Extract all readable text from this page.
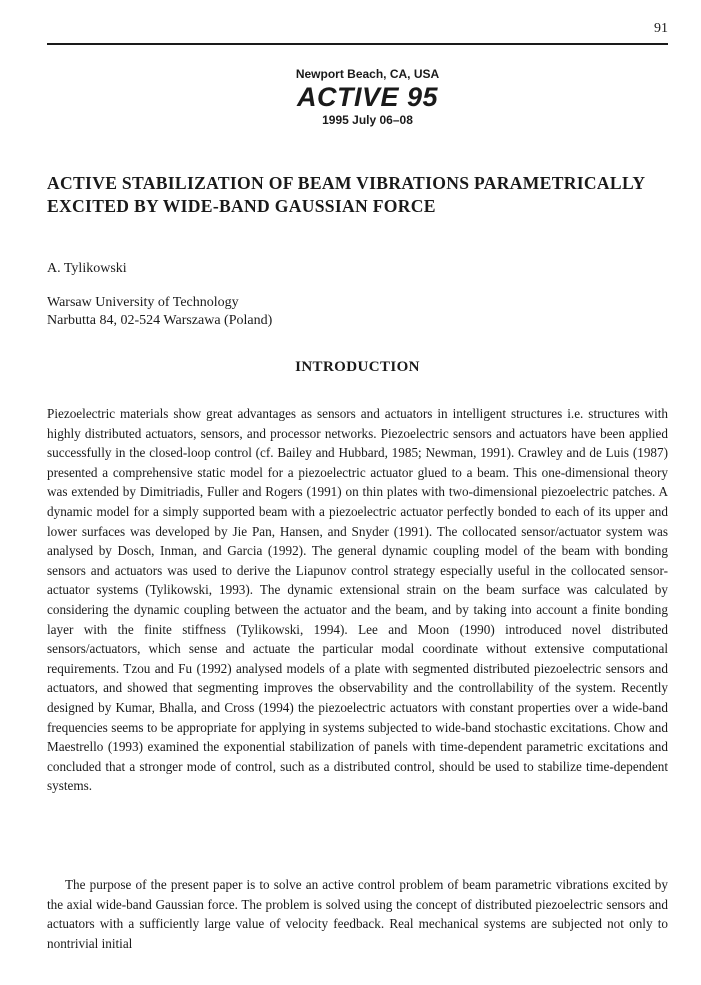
91
Newport Beach, CA, USA
ACTIVE 95
1995 July 06–08
ACTIVE STABILIZATION OF BEAM VIBRATIONS PARAMETRICALLY EXCITED BY WIDE-BAND GAUSSIAN FORCE
A. Tylikowski
Warsaw University of Technology
Narbutta 84, 02-524 Warszawa (Poland)
INTRODUCTION

Piezoelectric materials show great advantages as sensors and actuators in intelligent structures i.e. structures with highly distributed actuators, sensors, and processor networks. Piezoelectric sensors and actuators have been applied successfully in the closed-loop control (cf. Bailey and Hubbard, 1985; Newman, 1991). Crawley and de Luis (1987) presented a comprehensive static model for a piezoelectric actuator glued to a beam. This one-dimensional theory was extended by Dimitriadis, Fuller and Rogers (1991) on thin plates with two-dimensional piezoelectric patches. A dynamic model for a simply supported beam with a piezoelectric actuator perfectly bonded to each of its upper and lower surfaces was developed by Jie Pan, Hansen, and Snyder (1991). The collocated sensor/actuator system was analysed by Dosch, Inman, and Garcia (1992). The general dynamic coupling model of the beam with bonding sensors and actuators was used to derive the Liapunov control strategy especially useful in the collocated sensor-actuator systems (Tylikowski, 1993). The dynamic extensional strain on the beam surface was calculated by considering the dynamic coupling between the actuator and the beam, and by taking into account a finite bonding layer with the finite stiffness (Tylikowski, 1994). Lee and Moon (1990) introduced novel distributed sensors/actuators, which sense and actuate the particular modal coordinate without extensive computational requirements. Tzou and Fu (1992) analysed models of a plate with segmented distributed piezoelectric sensors and actuators, and showed that segmenting improves the observability and the controllability of the system. Recently designed by Kumar, Bhalla, and Cross (1994) the piezoelectric actuators with constant properties over a wide-band frequencies seems to be appropriate for applying in systems subjected to wide-band stochastic excitations. Chow and Maestrello (1993) examined the exponential stabilization of panels with time-dependent parametric excitations and concluded that a stronger mode of control, such as a distributed control, should be used to stabilize time-dependent systems.

The purpose of the present paper is to solve an active control problem of beam parametric vibrations excited by the axial wide-band Gaussian force. The problem is solved using the concept of distributed piezoelectric sensors and actuators with a sufficiently large value of velocity feedback. Real mechanical systems are subjected not only to nontrivial initial
